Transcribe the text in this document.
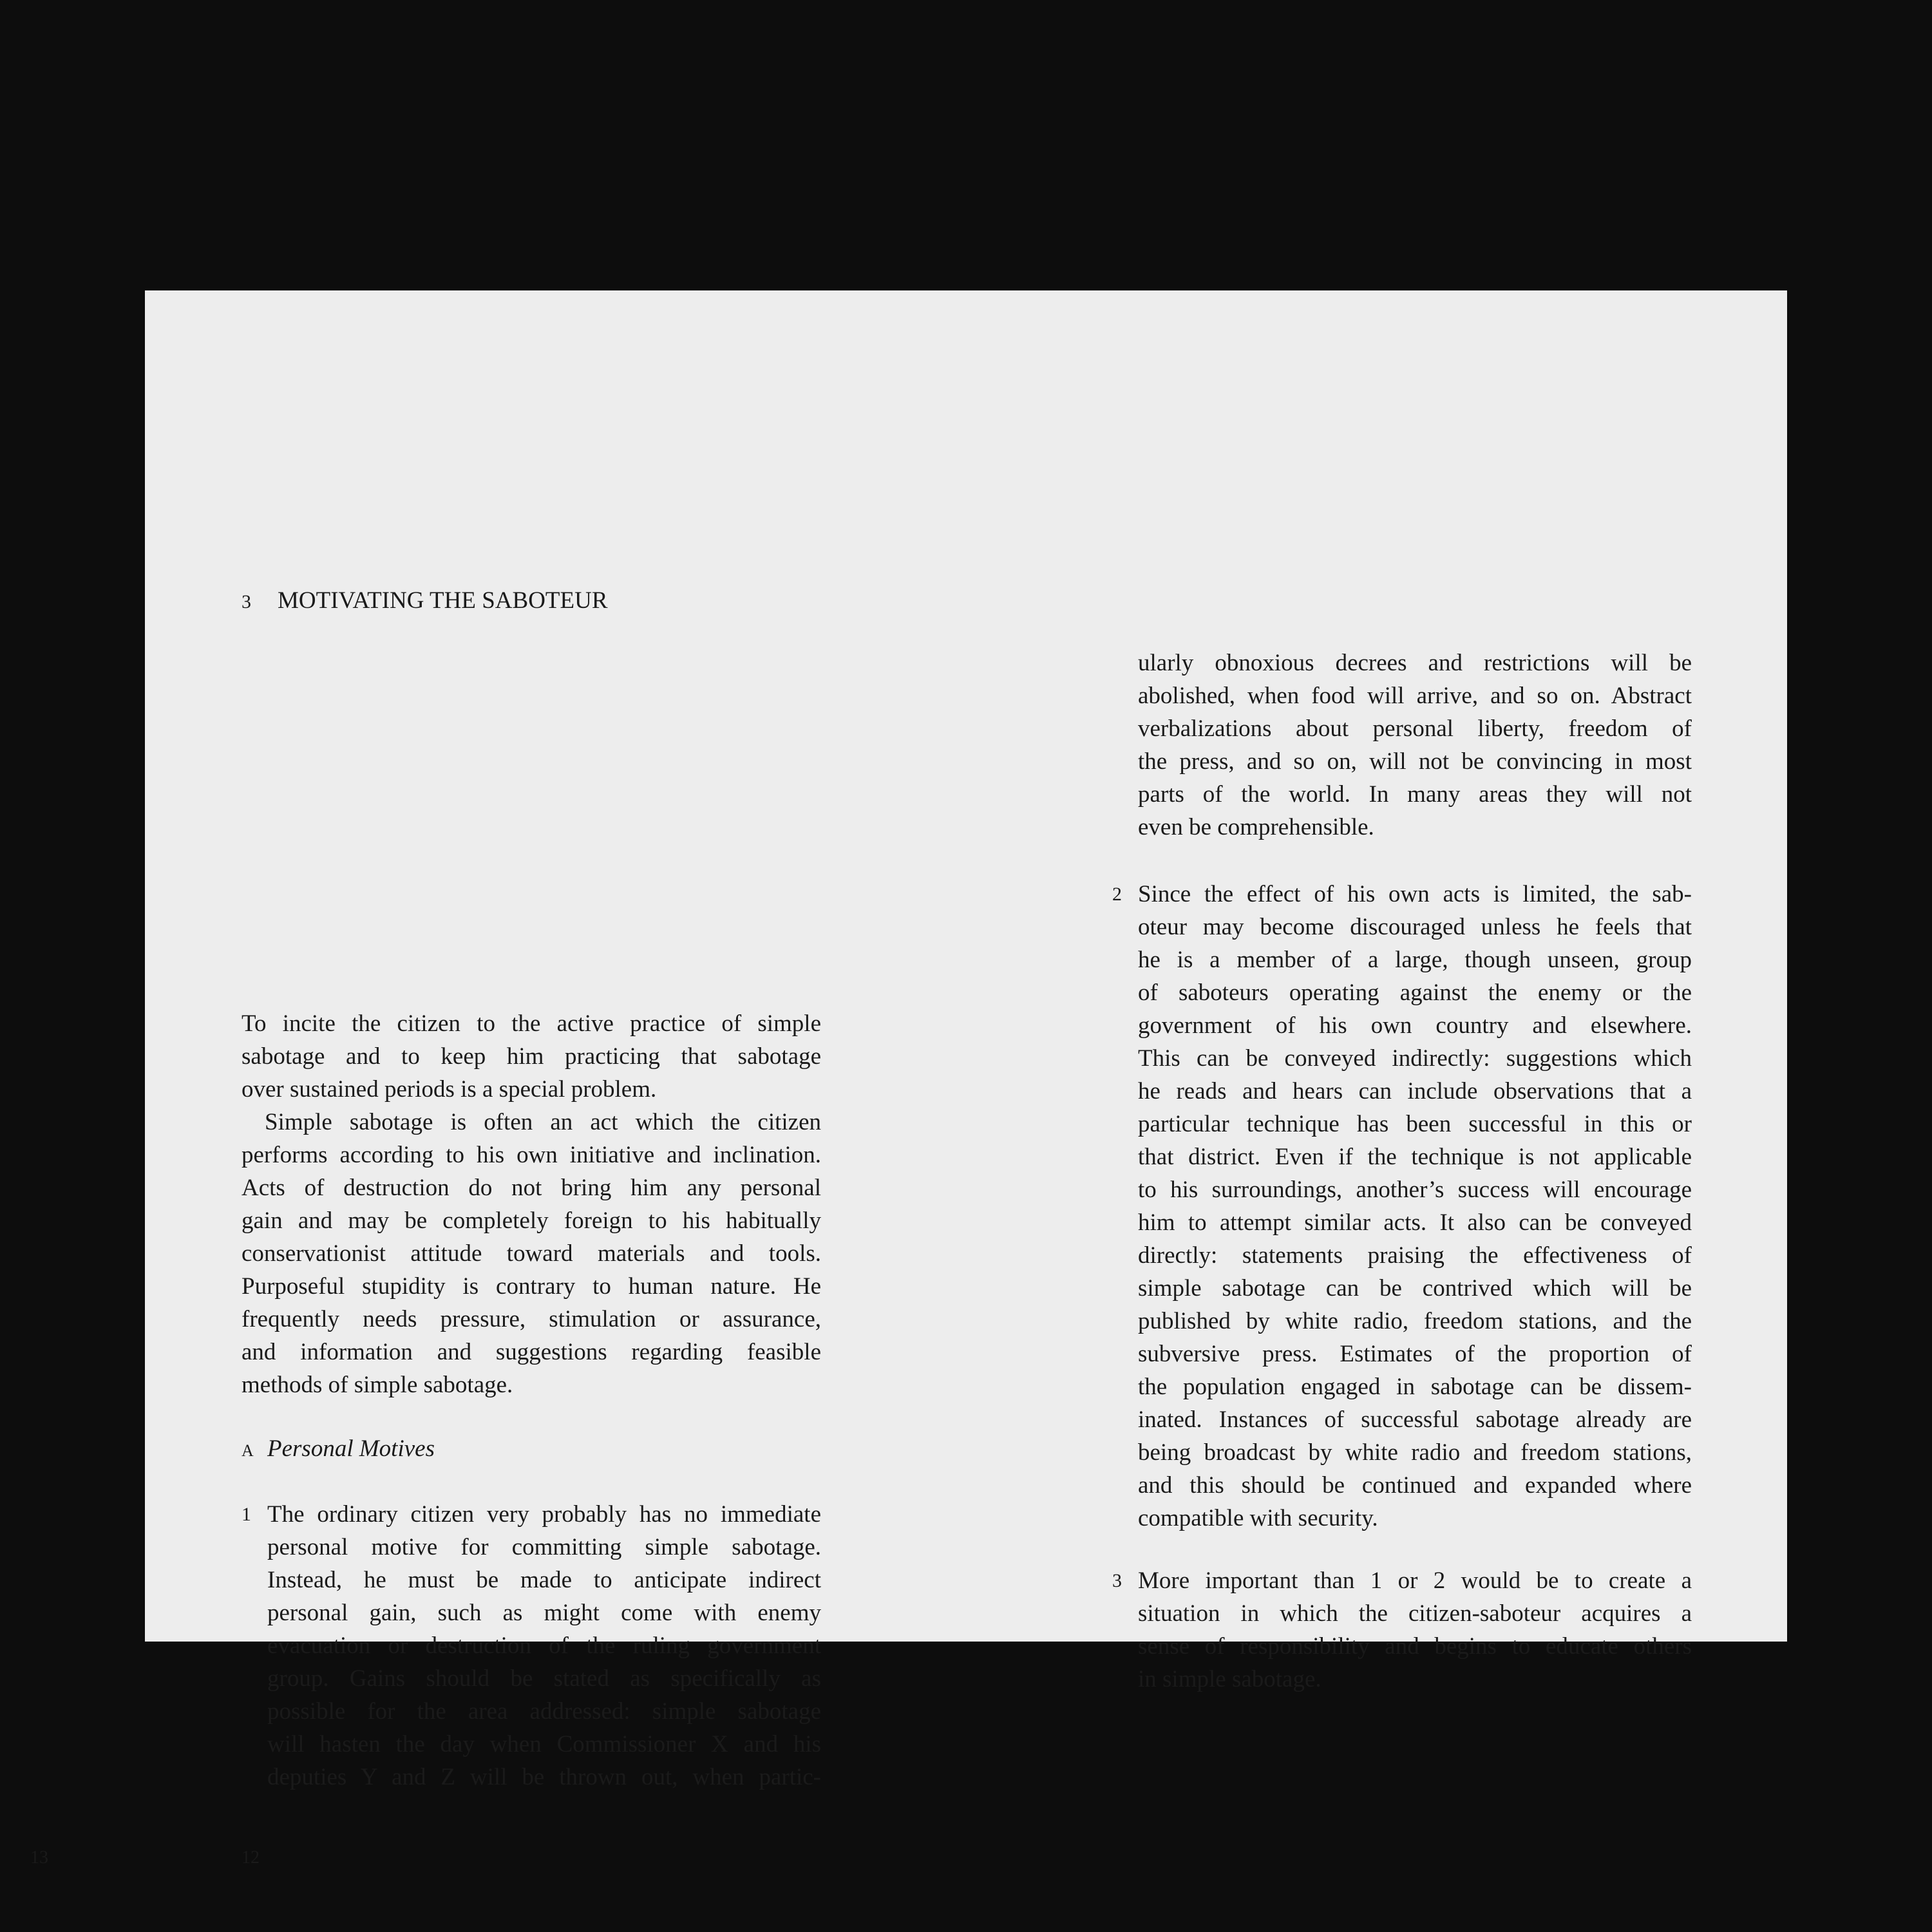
3 MOTIVATING THE SABOTEUR

To incite the citizen to the active practice of simple

sabotage and to keep him practicing that sabotage

over sustained periods is a special problem.

Simple sabotage is often an act which the citizen

performs according to his own initiative and inclination.

Acts of destruction do not bring him any personal

gain and may be completely foreign to his habitually

conservationist attitude toward materials and tools.

Purposeful stupidity is contrary to human nature. He

frequently needs pressure, stimulation or assurance,

and information and suggestions regarding feasible

methods of simple sabotage.

A Personal Motives
1 The ordinary citizen very probably has no immediate

personal motive for committing simple sabotage.

Instead, he must be made to anticipate indirect

personal gain, such as might come with enemy

evacuation or destruction of the ruling government

group. Gains should be stated as specifically as

possible for the area addressed: simple sabotage

will hasten the day when Commissioner X and his

deputies Y and Z will be thrown out, when partic-

12

ularly obnoxious decrees and restrictions will be

abolished, when food will arrive, and so on. Abstract

verbalizations about personal liberty, freedom of

the press, and so on, will not be convincing in most

parts of the world. In many areas they will not

even be comprehensible.

2 Since the effect of his own acts is limited, the sab-

oteur may become discouraged unless he feels that

he is a member of a large, though unseen, group

of saboteurs operating against the enemy or the

government of his own country and elsewhere.

This can be conveyed indirectly: suggestions which

he reads and hears can include observations that a

particular technique has been successful in this or

that district. Even if the technique is not applicable

to his surroundings, another’s success will encourage

him to attempt similar acts. It also can be conveyed

directly: statements praising the effectiveness of

simple sabotage can be contrived which will be

published by white radio, freedom stations, and the

subversive press. Estimates of the proportion of

the population engaged in sabotage can be dissem-

inated. Instances of successful sabotage already are

being broadcast by white radio and freedom stations,

and this should be continued and expanded where

compatible with security.

3 More important than 1 or 2 would be to create a

situation in which the citizen-saboteur acquires a

sense of responsibility and begins to educate others

in simple sabotage.

13
